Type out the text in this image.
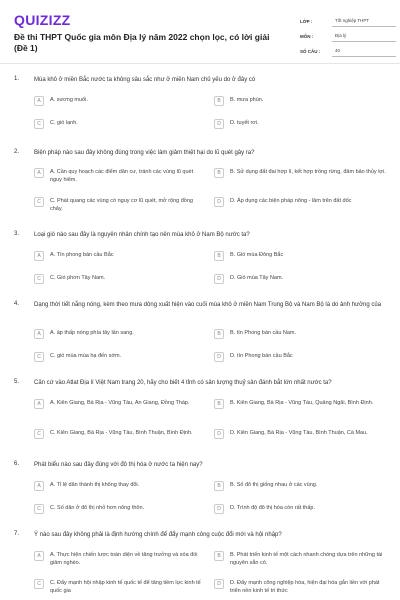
QUIZIZZ
Đề thi THPT Quốc gia môn Địa lý năm 2022 chọn lọc, có lời giải (Đề 1)
LỚP :	Tốt nghiệp THPT
MÔN :	Địa lý
SỐ CÂU :	40
1. Mùa khô ở miền Bắc nước ta không sâu sắc như ở miền Nam chủ yếu do ở đây có
A	A. sương muối.	B	B. mưa phùn.
C	C. gió lạnh.	D	D. tuyết rơi.
2. Biện pháp nào sau đây không đúng trong việc làm giảm thiệt hại do lũ quét gây ra?
A	A. Cần quy hoạch các điểm dân cư, tránh các vùng lũ quét nguy hiểm.
B	B. Sử dụng đất đai hợp lí, kết hợp trồng rừng, đảm bảo thủy lợi.
C	C. Phát quang các vùng có nguy cơ lũ quét, mở rộng đồng chảy.
D	D. Áp dụng các biện pháp nông - lâm trên đất dốc
3. Loại gió nào sau đây là nguyên nhân chính tạo nên mùa khô ở Nam Bộ nước ta?
A	A. Tín phong bán cầu Bắc	B	B. Gió mùa Đông Bắc
C	C. Gió phơn Tây Nam.	D	D. Gió mùa Tây Nam.
4. Dạng thời tiết nắng nóng, kèm theo mưa dông xuất hiện vào cuối mùa khô ở miền Nam Trung Bộ và Nam Bộ là do ảnh hưởng của
A	A. áp thấp nóng phía tây lấn sang.	B	B. tín Phong bán cầu Nam.
C	C. gió mùa mùa hạ đến sớm.	D	D. tín Phong bán cầu Bắc
5. Căn cứ vào Atlat Địa lí Việt Nam trang 20, hãy cho biết 4 tỉnh có sản lượng thuỷ sản đánh bắt lớn nhất nước ta?
A	A. Kiên Giang, Bà Rịa - Vũng Tàu, An Giang, Đồng Tháp.	B	B. Kiên Giang, Bà Rịa - Vũng Tàu, Quảng Ngãi, Bình Định.
C	C. Kiên Giang, Bà Rịa - Vũng Tàu, Bình Thuận, Bình Định.	D	D. Kiên Giang, Bà Rịa - Vũng Tàu, Bình Thuận, Cà Mau.
6. Phát biểu nào sau đây đúng với đô thị hóa ở nước ta hiện nay?
A	A. Tỉ lệ dân thành thị không thay đổi.	B	B. Số đô thị giống nhau ở các vùng.
C	C. Số dân ở đô thị nhỏ hơn nông thôn.	D	D. Trình độ đô thị hóa còn rất thấp.
7. Ý nào sau đây không phải là định hướng chính để đẩy mạnh công cuộc đổi mới và hội nhập?
A	A. Thực hiện chiến lược toàn diện về tăng trưởng và xóa đói giảm nghèo.
B	B. Phát triển kinh tế một cách nhanh chóng dựa trên những tài nguyên sẵn có.
C	C. Đẩy mạnh hội nhập kinh tế quốc tế để tăng tiềm lực kinh tế quốc gia
D	D. Đẩy mạnh công nghiệp hóa, hiện đại hóa gắn liền với phát triển nền kinh tế tri thức
